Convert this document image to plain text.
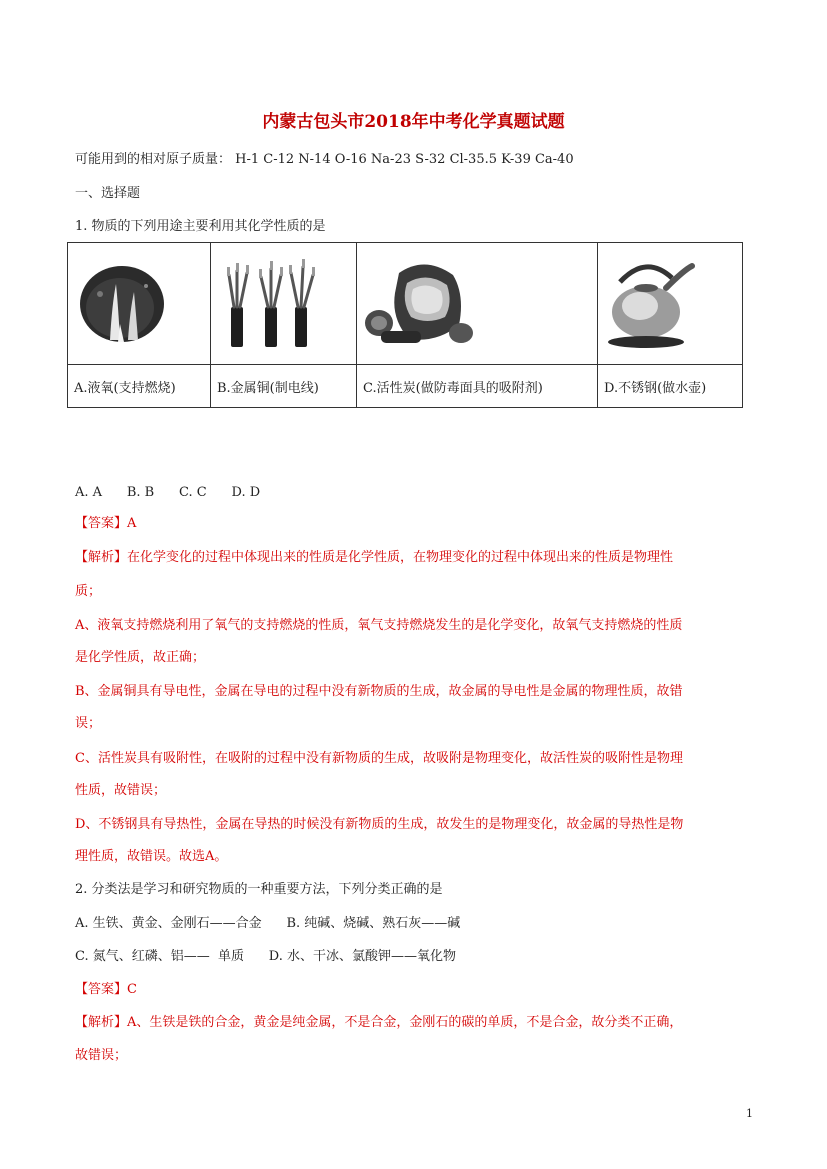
内蒙古包头市2018年中考化学真题试题
可能用到的相对原子质量： H-1 C-12 N-14 O-16 Na-23 S-32 Cl-35.5 K-39 Ca-40
一、选择题
1. 物质的下列用途主要利用其化学性质的是

A.液氧(支持燃烧)	B.金属铜(制电线)	C.活性炭(做防毒面具的吸附剂)	D.不锈钢(做水壶)
A. A      B. B      C. C      D. D
【答案】A
【解析】在化学变化的过程中体现出来的性质是化学性质，在物理变化的过程中体现出来的性质是物理性
质；
A、液氧支持燃烧利用了氧气的支持燃烧的性质，氧气支持燃烧发生的是化学变化，故氧气支持燃烧的性质
是化学性质，故正确；
B、金属铜具有导电性，金属在导电的过程中没有新物质的生成，故金属的导电性是金属的物理性质，故错
误；
C、活性炭具有吸附性，在吸附的过程中没有新物质的生成，故吸附是物理变化，故活性炭的吸附性是物理
性质，故错误；
D、不锈钢具有导热性，金属在导热的时候没有新物质的生成，故发生的是物理变化，故金属的导热性是物
理性质，故错误。故选A。
2. 分类法是学习和研究物质的一种重要方法，下列分类正确的是
A. 生铁、黄金、金刚石——合金      B. 纯碱、烧碱、熟石灰——碱
C. 氮气、红磷、铝——  单质      D. 水、干冰、氯酸钾——氧化物
【答案】C
【解析】A、生铁是铁的合金，黄金是纯金属，不是合金，金刚石的碳的单质，不是合金，故分类不正确，
故错误；
1
